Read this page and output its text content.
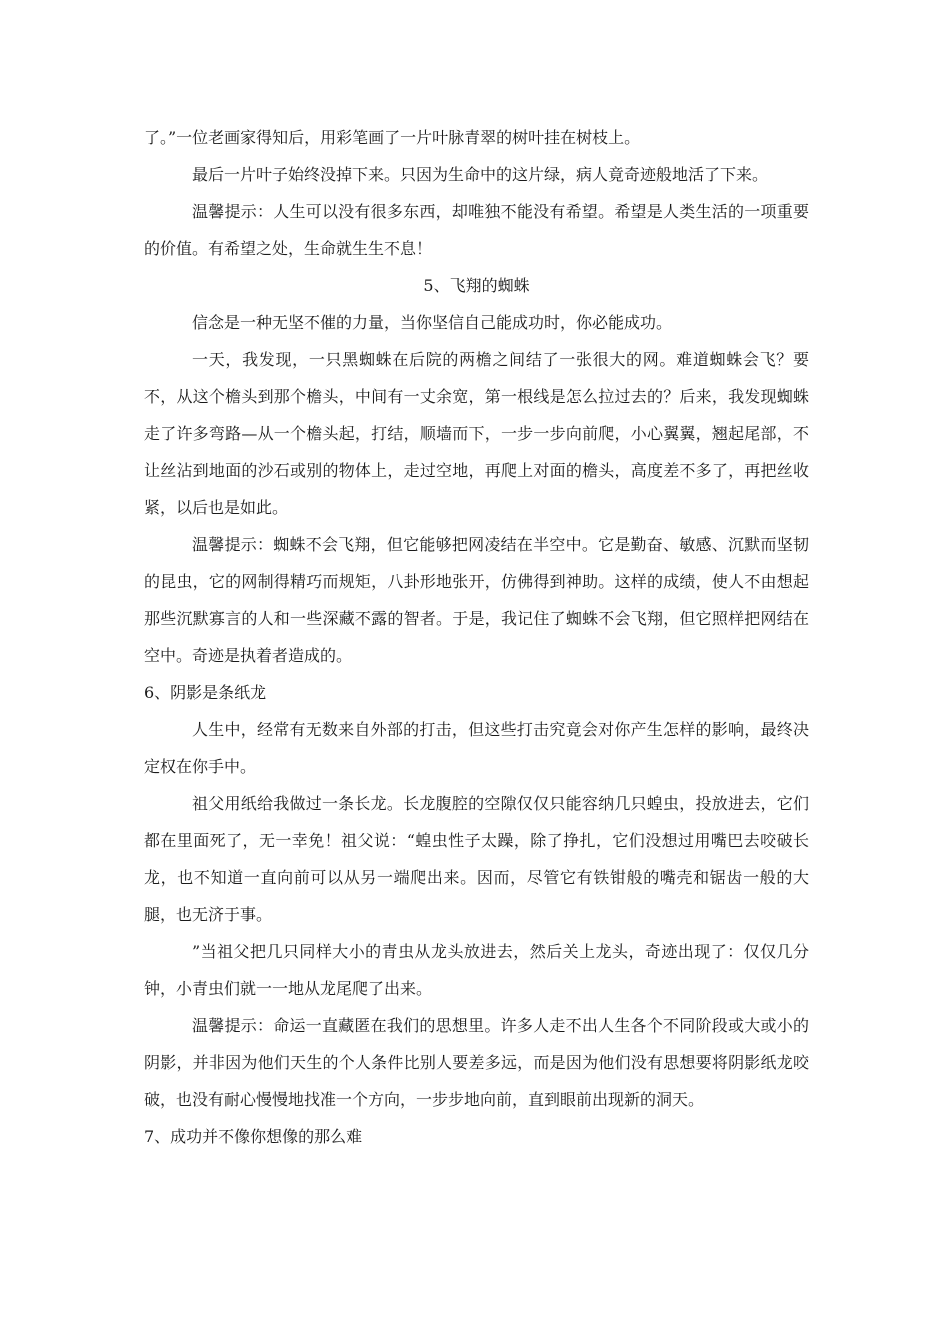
了。”一位老画家得知后，用彩笔画了一片叶脉青翠的树叶挂在树枝上。

最后一片叶子始终没掉下来。只因为生命中的这片绿，病人竟奇迹般地活了下来。

温馨提示：人生可以没有很多东西，却唯独不能没有希望。希望是人类生活的一项重要的价值。有希望之处，生命就生生不息！

5、飞翔的蜘蛛

信念是一种无坚不催的力量，当你坚信自己能成功时，你必能成功。

一天，我发现，一只黑蜘蛛在后院的两檐之间结了一张很大的网。难道蜘蛛会飞？要不，从这个檐头到那个檐头，中间有一丈余宽，第一根线是怎么拉过去的？后来，我发现蜘蛛走了许多弯路—从一个檐头起，打结，顺墙而下，一步一步向前爬，小心翼翼，翘起尾部，不让丝沾到地面的沙石或别的物体上，走过空地，再爬上对面的檐头，高度差不多了，再把丝收紧，以后也是如此。

温馨提示：蜘蛛不会飞翔，但它能够把网凌结在半空中。它是勤奋、敏感、沉默而坚韧的昆虫，它的网制得精巧而规矩，八卦形地张开，仿佛得到神助。这样的成绩，使人不由想起那些沉默寡言的人和一些深藏不露的智者。于是，我记住了蜘蛛不会飞翔，但它照样把网结在空中。奇迹是执着者造成的。

6、阴影是条纸龙

人生中，经常有无数来自外部的打击，但这些打击究竟会对你产生怎样的影响，最终决定权在你手中。

祖父用纸给我做过一条长龙。长龙腹腔的空隙仅仅只能容纳几只蝗虫，投放进去，它们都在里面死了，无一幸免！祖父说：“蝗虫性子太躁，除了挣扎，它们没想过用嘴巴去咬破长龙，也不知道一直向前可以从另一端爬出来。因而，尽管它有铁钳般的嘴壳和锯齿一般的大腿，也无济于事。

”当祖父把几只同样大小的青虫从龙头放进去，然后关上龙头，奇迹出现了：仅仅几分钟，小青虫们就一一地从龙尾爬了出来。

温馨提示：命运一直藏匿在我们的思想里。许多人走不出人生各个不同阶段或大或小的阴影，并非因为他们天生的个人条件比别人要差多远，而是因为他们没有思想要将阴影纸龙咬破，也没有耐心慢慢地找准一个方向，一步步地向前，直到眼前出现新的洞天。

7、成功并不像你想像的那么难
